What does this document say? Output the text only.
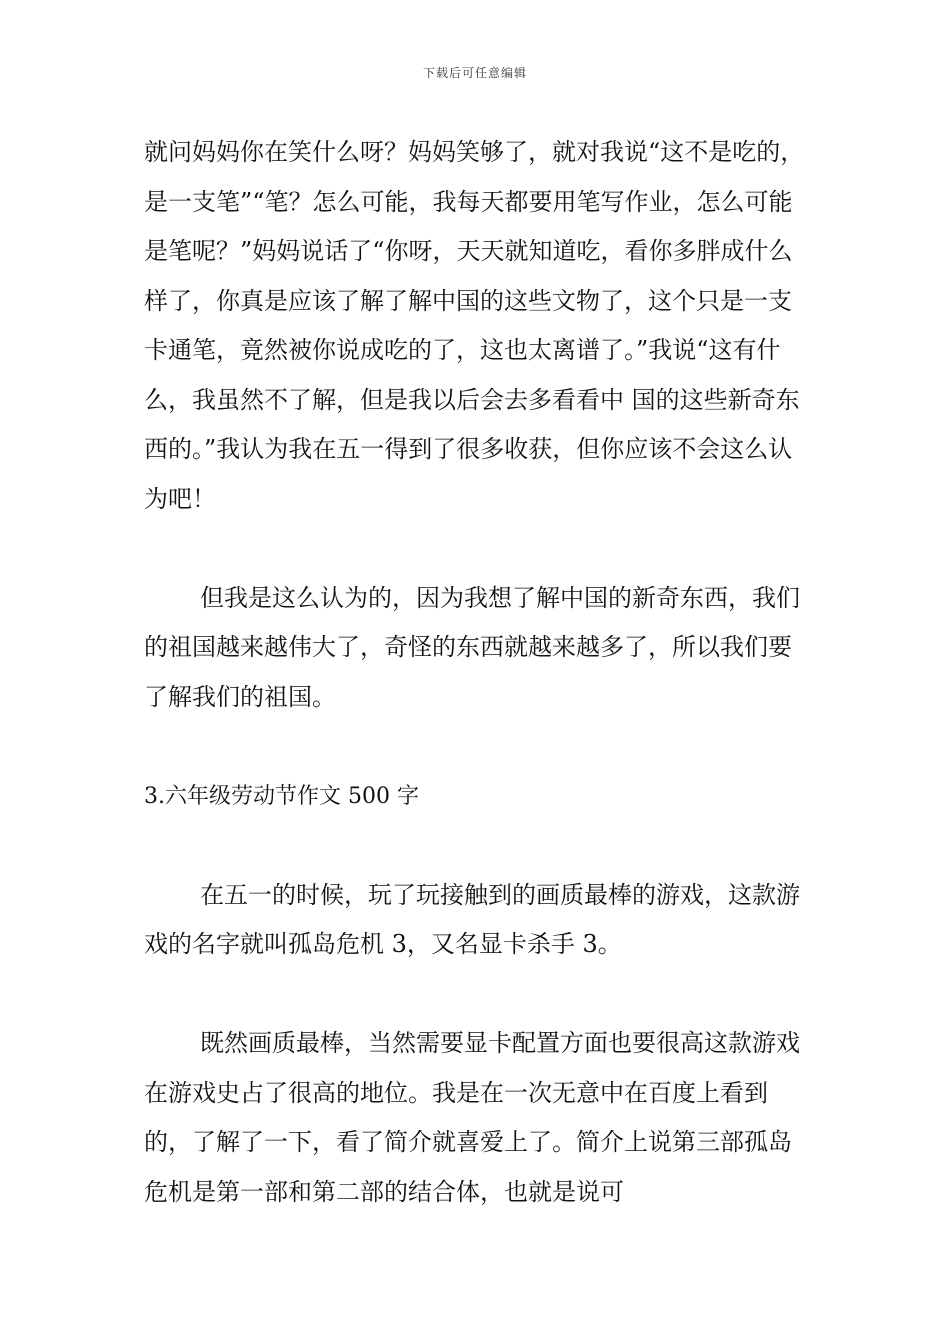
下载后可任意编辑

就问妈妈你在笑什么呀？妈妈笑够了，就对我说“这不是吃的，是一支笔”“笔？怎么可能，我每天都要用笔写作业，怎么可能是笔呢？”妈妈说话了“你呀，天天就知道吃，看你多胖成什么样了，你真是应该了解了解中国的这些文物了，这个只是一支卡通笔，竟然被你说成吃的了，这也太离谱了。”我说“这有什么，我虽然不了解，但是我以后会去多看看中 国的这些新奇东西的。”我认为我在五一得到了很多收获，但你应该不会这么认为吧！

但我是这么认为的，因为我想了解中国的新奇东西，我们的祖国越来越伟大了，奇怪的东西就越来越多了，所以我们要了解我们的祖国。

3.六年级劳动节作文 500 字

在五一的时候，玩了玩接触到的画质最棒的游戏，这款游戏的名字就叫孤岛危机 3，又名显卡杀手 3。

既然画质最棒，当然需要显卡配置方面也要很高这款游戏在游戏史占了很高的地位。我是在一次无意中在百度上看到的，了解了一下，看了简介就喜爱上了。简介上说第三部孤岛危机是第一部和第二部的结合体，也就是说可
